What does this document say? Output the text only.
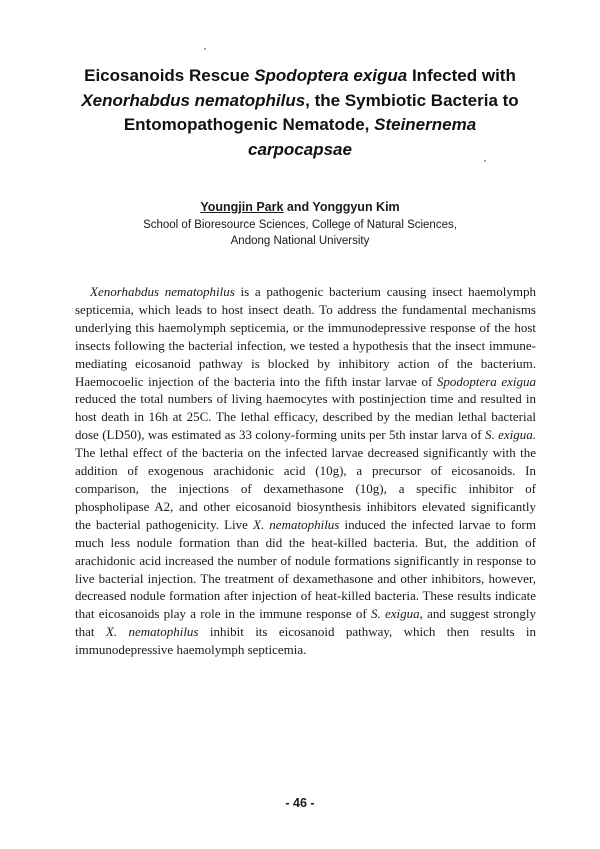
Eicosanoids Rescue Spodoptera exigua Infected with Xenorhabdus nematophilus, the Symbiotic Bacteria to Entomopathogenic Nematode, Steinernema carpocapsae
Youngjin Park and Yonggyun Kim
School of Bioresource Sciences, College of Natural Sciences,
Andong National University

Xenorhabdus nematophilus is a pathogenic bacterium causing insect haemolymph septicemia, which leads to host insect death. To address the fundamental mechanisms underlying this haemolymph septicemia, or the immunodepressive response of the host insects following the bacterial infection, we tested a hypothesis that the insect immune-mediating eicosanoid pathway is blocked by inhibitory action of the bacterium. Haemocoelic injection of the bacteria into the fifth instar larvae of Spodoptera exigua reduced the total numbers of living haemocytes with postinjection time and resulted in host death in 16h at 25C. The lethal efficacy, described by the median lethal bacterial dose (LD50), was estimated as 33 colony-forming units per 5th instar larva of S. exigua. The lethal effect of the bacteria on the infected larvae decreased significantly with the addition of exogenous arachidonic acid (10g), a precursor of eicosanoids. In comparison, the injections of dexamethasone (10g), a specific inhibitor of phospholipase A2, and other eicosanoid biosynthesis inhibitors elevated significantly the bacterial pathogenicity. Live X. nematophilus induced the infected larvae to form much less nodule formation than did the heat-killed bacteria. But, the addition of arachidonic acid increased the number of nodule formations significantly in response to live bacterial injection. The treatment of dexamethasone and other inhibitors, however, decreased nodule formation after injection of heat-killed bacteria. These results indicate that eicosanoids play a role in the immune response of S. exigua, and suggest strongly that X. nematophilus inhibit its eicosanoid pathway, which then results in immunodepressive haemolymph septicemia.

- 46 -
